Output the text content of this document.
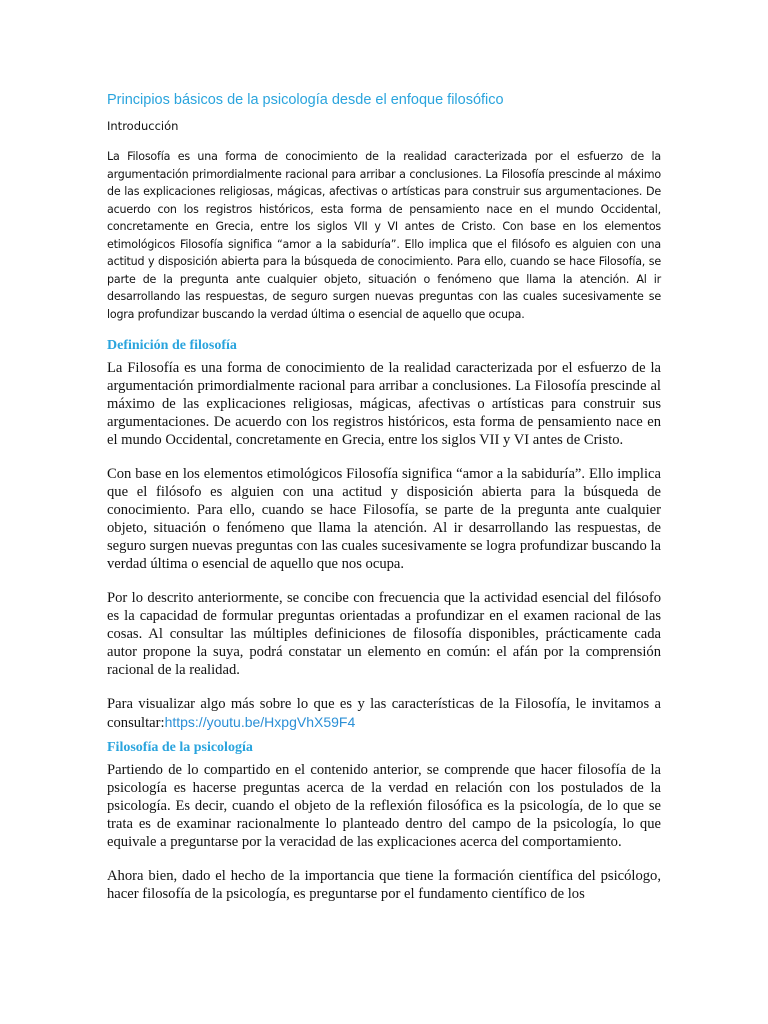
Principios básicos de la psicología desde el enfoque filosófico
Introducción

La Filosofía es una forma de conocimiento de la realidad caracterizada por el esfuerzo de la argumentación primordialmente racional para arribar a conclusiones. La Filosofía prescinde al máximo de las explicaciones religiosas, mágicas, afectivas o artísticas para construir sus argumentaciones. De acuerdo con los registros históricos, esta forma de pensamiento nace en el mundo Occidental, concretamente en Grecia, entre los siglos VII y VI antes de Cristo. Con base en los elementos etimológicos Filosofía significa “amor a la sabiduría”. Ello implica que el filósofo es alguien con una actitud y disposición abierta para la búsqueda de conocimiento. Para ello, cuando se hace Filosofía, se parte de la pregunta ante cualquier objeto, situación o fenómeno que llama la atención. Al ir desarrollando las respuestas, de seguro surgen nuevas preguntas con las cuales sucesivamente se logra profundizar buscando la verdad última o esencial de aquello que ocupa.

Definición de filosofía

La Filosofía es una forma de conocimiento de la realidad caracterizada por el esfuerzo de la argumentación primordialmente racional para arribar a conclusiones. La Filosofía prescinde al máximo de las explicaciones religiosas, mágicas, afectivas o artísticas para construir sus argumentaciones. De acuerdo con los registros históricos, esta forma de pensamiento nace en el mundo Occidental, concretamente en Grecia, entre los siglos VII y VI antes de Cristo.

Con base en los elementos etimológicos Filosofía significa “amor a la sabiduría”. Ello implica que el filósofo es alguien con una actitud y disposición abierta para la búsqueda de conocimiento. Para ello, cuando se hace Filosofía, se parte de la pregunta ante cualquier objeto, situación o fenómeno que llama la atención. Al ir desarrollando las respuestas, de seguro surgen nuevas preguntas con las cuales sucesivamente se logra profundizar buscando la verdad última o esencial de aquello que nos ocupa.

Por lo descrito anteriormente, se concibe con frecuencia que la actividad esencial del filósofo es la capacidad de formular preguntas orientadas a profundizar en el examen racional de las cosas. Al consultar las múltiples definiciones de filosofía disponibles, prácticamente cada autor propone la suya, podrá constatar un elemento en común: el afán por la comprensión racional de la realidad.

Para visualizar algo más sobre lo que es y las características de la Filosofía, le invitamos a consultar:https://youtu.be/HxpgVhX59F4

Filosofía de la psicología

Partiendo de lo compartido en el contenido anterior, se comprende que hacer filosofía de la psicología es hacerse preguntas acerca de la verdad en relación con los postulados de la psicología. Es decir, cuando el objeto de la reflexión filosófica es la psicología, de lo que se trata es de examinar racionalmente lo planteado dentro del campo de la psicología, lo que equivale a preguntarse por la veracidad de las explicaciones acerca del comportamiento.

Ahora bien, dado el hecho de la importancia que tiene la formación científica del psicólogo, hacer filosofía de la psicología, es preguntarse por el fundamento científico de los
